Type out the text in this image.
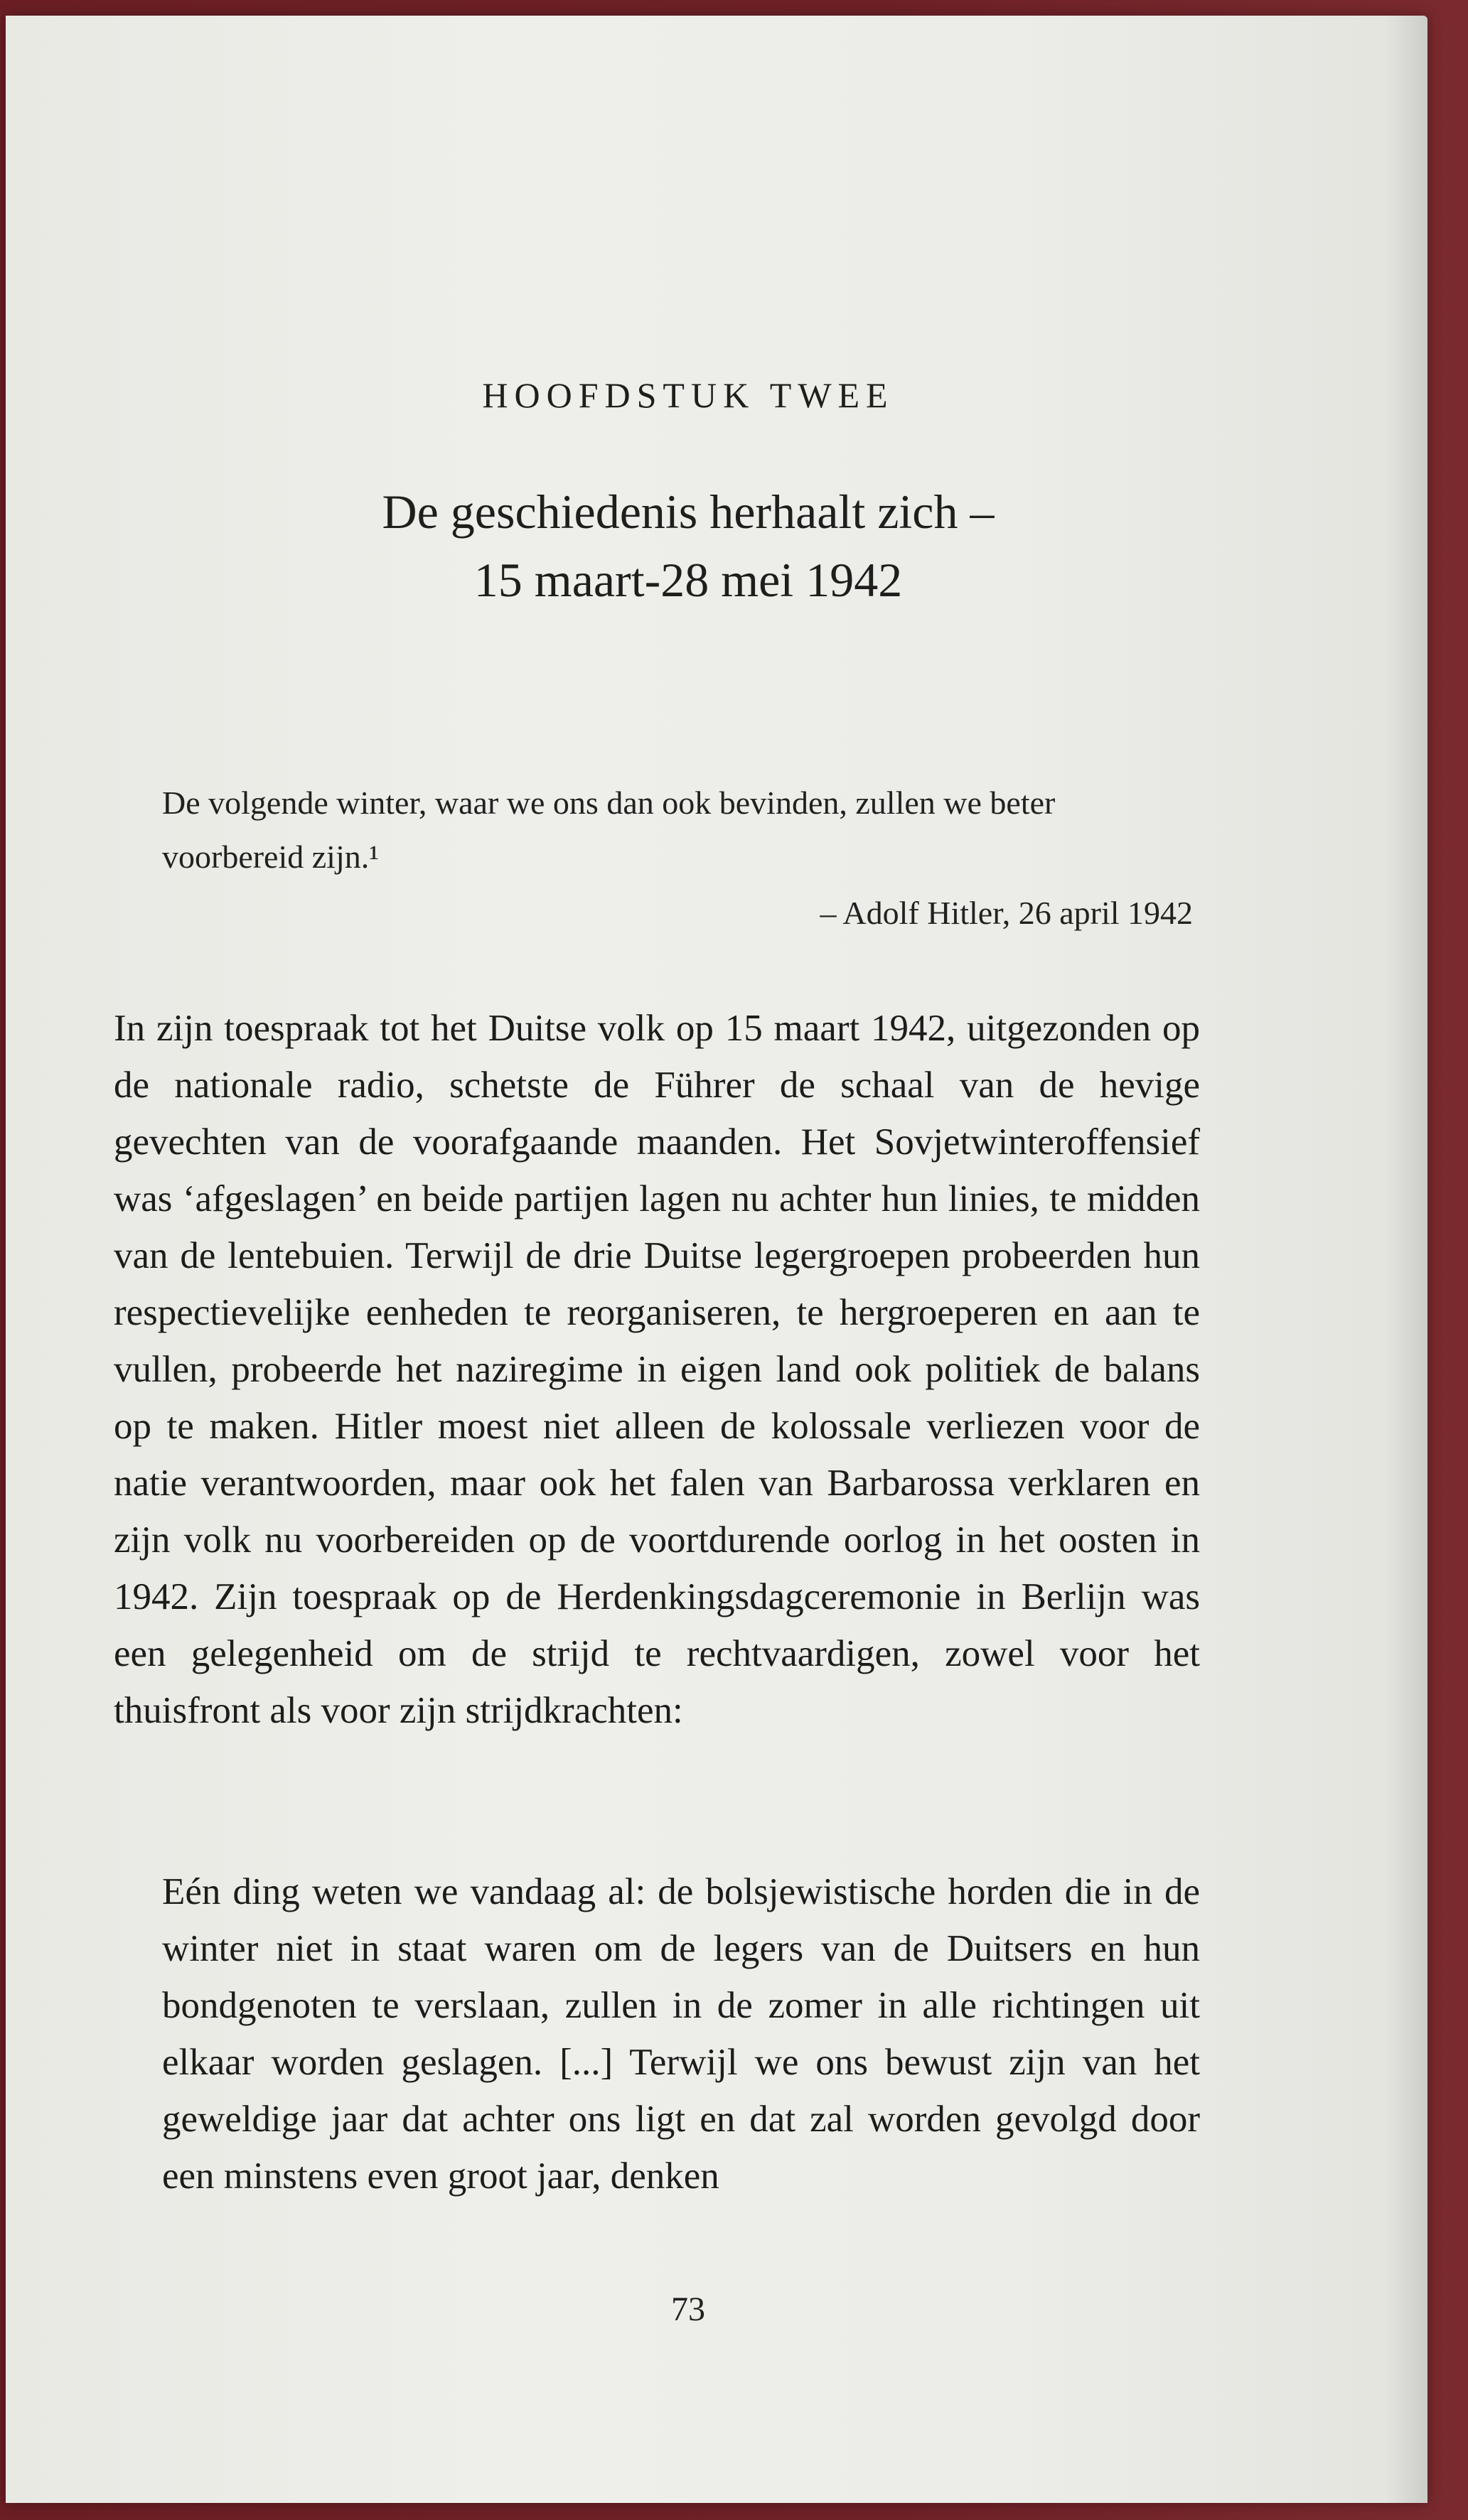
HOOFDSTUK TWEE
De geschiedenis herhaalt zich –
15 maart-28 mei 1942
De volgende winter, waar we ons dan ook bevinden, zullen we beter voorbereid zijn.¹
– Adolf Hitler, 26 april 1942
In zijn toespraak tot het Duitse volk op 15 maart 1942, uitgezonden op de nationale radio, schetste de Führer de schaal van de hevige gevechten van de voorafgaande maanden. Het Sovjetwinteroffensief was ‘afgeslagen’ en beide partijen lagen nu achter hun linies, te midden van de lentebuien. Terwijl de drie Duitse legergroepen probeerden hun respectievelijke eenheden te reorganiseren, te hergroeperen en aan te vullen, probeerde het naziregime in eigen land ook politiek de balans op te maken. Hitler moest niet alleen de kolossale verliezen voor de natie verantwoorden, maar ook het falen van Barbarossa verklaren en zijn volk nu voorbereiden op de voortdurende oorlog in het oosten in 1942. Zijn toespraak op de Herdenkingsdagceremonie in Berlijn was een gelegenheid om de strijd te rechtvaardigen, zowel voor het thuisfront als voor zijn strijdkrachten:
Eén ding weten we vandaag al: de bolsjewistische horden die in de winter niet in staat waren om de legers van de Duitsers en hun bondgenoten te verslaan, zullen in de zomer in alle richtingen uit elkaar worden geslagen. [...] Terwijl we ons bewust zijn van het geweldige jaar dat achter ons ligt en dat zal worden gevolgd door een minstens even groot jaar, denken
73
